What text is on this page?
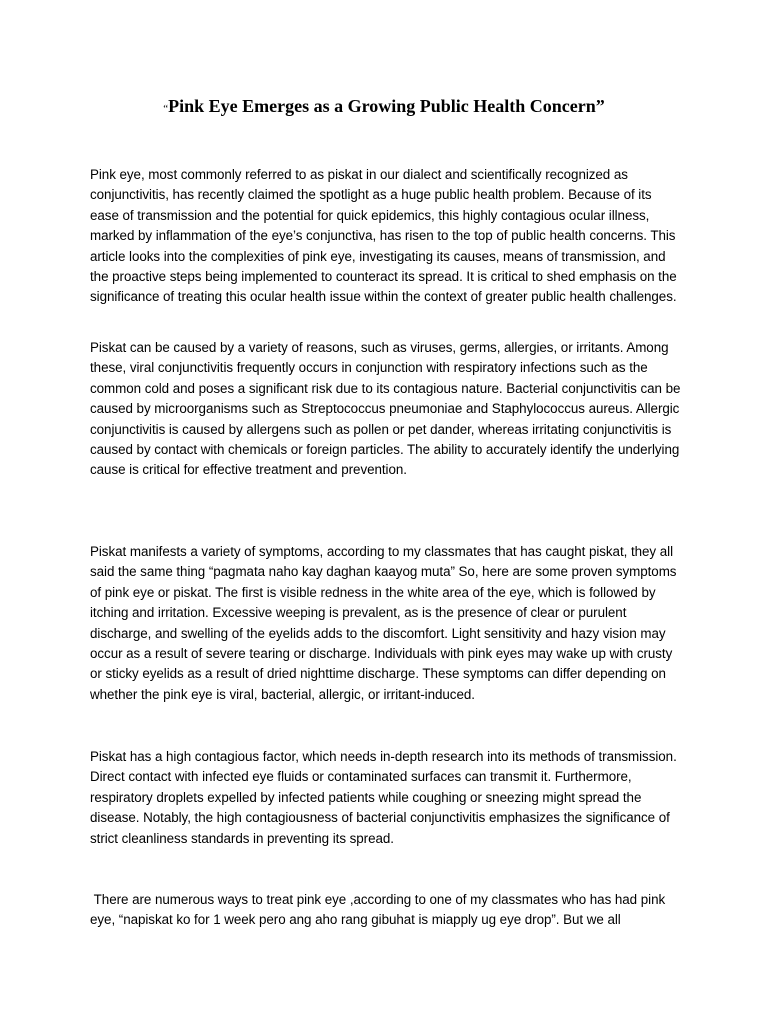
“Pink Eye Emerges as a Growing Public Health Concern”

Pink eye, most commonly referred to as piskat in our dialect and scientifically recognized as conjunctivitis, has recently claimed the spotlight as a huge public health problem. Because of its ease of transmission and the potential for quick epidemics, this highly contagious ocular illness, marked by inflammation of the eye’s conjunctiva, has risen to the top of public health concerns. This article looks into the complexities of pink eye, investigating its causes, means of transmission, and the proactive steps being implemented to counteract its spread. It is critical to shed emphasis on the significance of treating this ocular health issue within the context of greater public health challenges.

Piskat can be caused by a variety of reasons, such as viruses, germs, allergies, or irritants. Among these, viral conjunctivitis frequently occurs in conjunction with respiratory infections such as the common cold and poses a significant risk due to its contagious nature. Bacterial conjunctivitis can be caused by microorganisms such as Streptococcus pneumoniae and Staphylococcus aureus. Allergic conjunctivitis is caused by allergens such as pollen or pet dander, whereas irritating conjunctivitis is caused by contact with chemicals or foreign particles. The ability to accurately identify the underlying cause is critical for effective treatment and prevention.

Piskat manifests a variety of symptoms, according to my classmates that has caught piskat, they all said the same thing “pagmata naho kay daghan kaayog muta” So, here are some proven symptoms of pink eye or piskat. The first is visible redness in the white area of the eye, which is followed by itching and irritation. Excessive weeping is prevalent, as is the presence of clear or purulent discharge, and swelling of the eyelids adds to the discomfort. Light sensitivity and hazy vision may occur as a result of severe tearing or discharge. Individuals with pink eyes may wake up with crusty or sticky eyelids as a result of dried nighttime discharge. These symptoms can differ depending on whether the pink eye is viral, bacterial, allergic, or irritant-induced.

Piskat has a high contagious factor, which needs in-depth research into its methods of transmission. Direct contact with infected eye fluids or contaminated surfaces can transmit it. Furthermore, respiratory droplets expelled by infected patients while coughing or sneezing might spread the disease. Notably, the high contagiousness of bacterial conjunctivitis emphasizes the significance of strict cleanliness standards in preventing its spread.

There are numerous ways to treat pink eye ,according to one of my classmates who has had pink eye, “napiskat ko for 1 week pero ang aho rang gibuhat is miapply ug eye drop”. But we all
